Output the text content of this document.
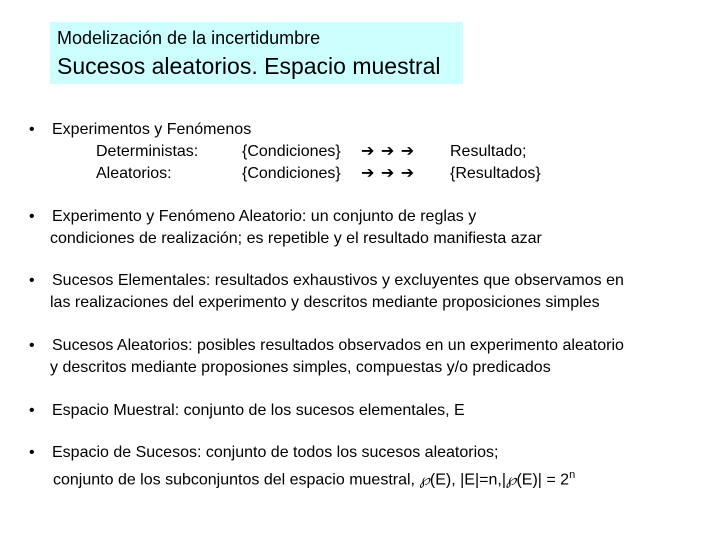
Modelización de la incertidumbre
Sucesos aleatorios. Espacio muestral
• Experimentos y Fenómenos
Deterministas:	{Condiciones} ➔ ➔ ➔ Resultado;
Aleatorios:	{Condiciones} ➔ ➔ ➔ {Resultados}
• Experimento y Fenómeno Aleatorio: un conjunto de reglas y
condiciones de realización; es repetible y el resultado manifiesta azar
• Sucesos Elementales: resultados exhaustivos y excluyentes que observamos en
las realizaciones del experimento y descritos mediante proposiciones simples
• Sucesos Aleatorios: posibles resultados observados en un experimento aleatorio
y descritos mediante proposiones simples, compuestas y/o predicados
• Espacio Muestral: conjunto de los sucesos elementales, E
• Espacio de Sucesos: conjunto de todos los sucesos aleatorios;
conjunto de los subconjuntos del espacio muestral, ℘(E), |E|=n,|℘(E)| = $2^n$
